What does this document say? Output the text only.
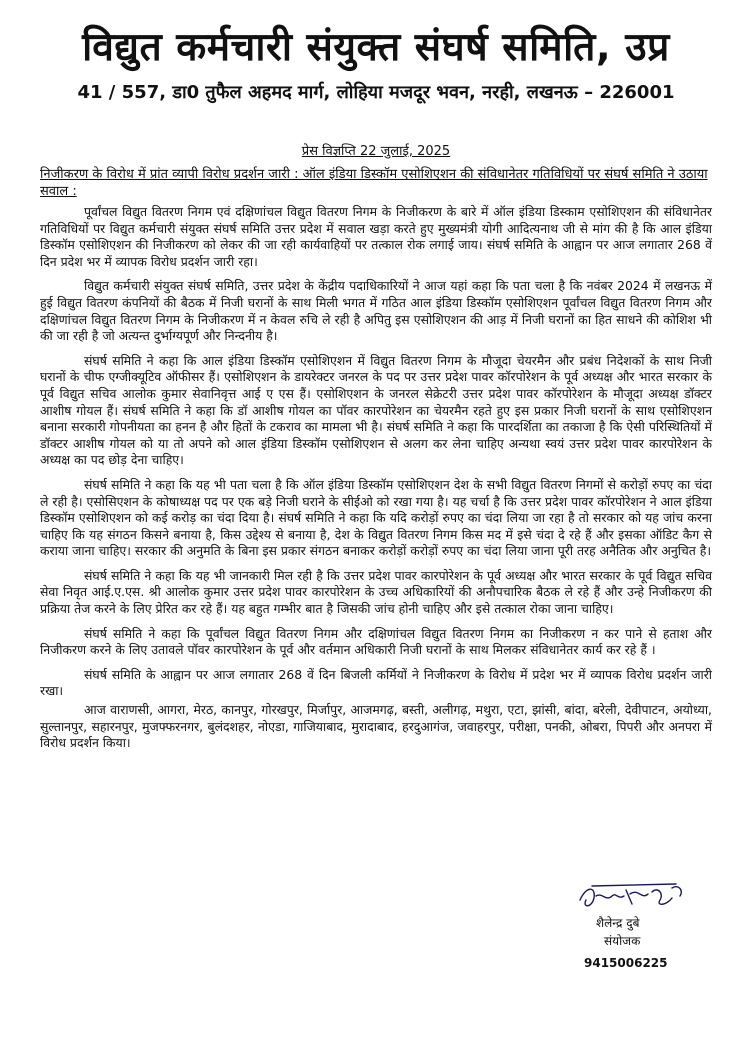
विद्युत कर्मचारी संयुक्त संघर्ष समिति, उप्र
41 / 557, डा0 तुफैल अहमद मार्ग, लोहिया मजदूर भवन, नरही, लखनऊ – 226001
प्रेस विज्ञप्ति 22 जुलाई, 2025
निजीकरण के विरोध में प्रांत व्यापी विरोध प्रदर्शन जारी : ऑल इंडिया डिस्कॉम एसोशिएशन की संविधानेतर गतिविधियों पर संघर्ष समिति ने उठाया सवाल :

पूर्वांचल विद्युत वितरण निगम एवं दक्षिणांचल विद्युत वितरण निगम के निजीकरण के बारे में ऑल इंडिया डिस्काम एसोशिएशन की संविधानेतर गतिविधियों पर विद्युत कर्मचारी संयुक्त संघर्ष समिति उत्तर प्रदेश में सवाल खड़ा करते हुए मुख्यमंत्री योगी आदित्यनाथ जी से मांग की है कि आल इंडिया डिस्कॉम एसोशिएशन की निजीकरण को लेकर की जा रही कार्यवाहियों पर तत्काल रोक लगाई जाय। संघर्ष समिति के आह्वान पर आज लगातार 268 वें दिन प्रदेश भर में व्यापक विरोध प्रदर्शन जारी रहा।

विद्युत कर्मचारी संयुक्त संघर्ष समिति, उत्तर प्रदेश के केंद्रीय पदाधिकारियों ने आज यहां कहा कि पता चला है कि नवंबर 2024 में लखनऊ में हुई विद्युत वितरण कंपनियों की बैठक में निजी घरानों के साथ मिली भगत में गठित आल इंडिया डिस्कॉम एसोशिएशन पूर्वांचल विद्युत वितरण निगम और दक्षिणांचल विद्युत वितरण निगम के निजीकरण में न केवल रुचि ले रही है अपितु इस एसोशिएशन की आड़ में निजी घरानों का हित साधने की कोशिश भी की जा रही है जो अत्यन्त दुर्भाग्यपूर्ण और निन्दनीय है।

संघर्ष समिति ने कहा कि आल इंडिया डिस्कॉम एसोशिएशन में विद्युत वितरण निगम के मौजूदा चेयरमैन और प्रबंध निदेशकों के साथ निजी घरानों के चीफ एग्जीक्यूटिव ऑफीसर हैं। एसोशिएशन के डायरेक्टर जनरल के पद पर उत्तर प्रदेश पावर कॉरपोरेशन के पूर्व अध्यक्ष और भारत सरकार के पूर्व विद्युत सचिव आलोक कुमार सेवानिवृत्त आई ए एस हैं। एसोशिएशन के जनरल सेक्रेटरी उत्तर प्रदेश पावर कॉरपोरेशन के मौजूदा अध्यक्ष डॉक्टर आशीष गोयल हैं। संघर्ष समिति ने कहा कि डॉ आशीष गोयल का पॉवर कारपोरेशन का चेयरमैन रहते हुए इस प्रकार निजी घरानों के साथ एसोशिएशन बनाना सरकारी गोपनीयता का हनन है और हितों के टकराव का मामला भी है। संघर्ष समिति ने कहा कि पारदर्शिता का तकाजा है कि ऐसी परिस्थितियों में डॉक्टर आशीष गोयल को या तो अपने को आल इंडिया डिस्कॉम एसोशिएशन से अलग कर लेना चाहिए अन्यथा स्वयं उत्तर प्रदेश पावर कारपोरेशन के अध्यक्ष का पद छोड़ देना चाहिए।

संघर्ष समिति ने कहा कि यह भी पता चला है कि ऑल इंडिया डिस्कॉम एसोशिएशन देश के सभी विद्युत वितरण निगमों से करोड़ों रुपए का चंदा ले रही है। एसोसिएशन के कोषाध्यक्ष पद पर एक बड़े निजी घराने के सीईओ को रखा गया है। यह चर्चा है कि उत्तर प्रदेश पावर कॉरपोरेशन ने आल इंडिया डिस्कॉम एसोशिएशन को कई करोड़ का चंदा दिया है। संघर्ष समिति ने कहा कि यदि करोड़ों रुपए का चंदा लिया जा रहा है तो सरकार को यह जांच करना चाहिए कि यह संगठन किसने बनाया है, किस उद्देश्य से बनाया है, देश के विद्युत वितरण निगम किस मद में इसे चंदा दे रहे हैं और इसका ऑडिट कैग से कराया जाना चाहिए। सरकार की अनुमति के बिना इस प्रकार संगठन बनाकर करोड़ों करोड़ों रुपए का चंदा लिया जाना पूरी तरह अनैतिक और अनुचित है।

संघर्ष समिति ने कहा कि यह भी जानकारी मिल रही है कि उत्तर प्रदेश पावर कारपोरेशन के पूर्व अध्यक्ष और भारत सरकार के पूर्व विद्युत सचिव सेवा निवृत आई.ए.एस. श्री आलोक कुमार उत्तर प्रदेश पावर कारपोरेशन के उच्च अधिकारियों की अनौपचारिक बैठक ले रहे हैं और उन्हे निजीकरण की प्रक्रिया तेज करने के लिए प्रेरित कर रहे हैं। यह बहुत गम्भीर बात है जिसकी जांच होनी चाहिए और इसे तत्काल रोका जाना चाहिए।

संघर्ष समिति ने कहा कि पूर्वांचल विद्युत वितरण निगम और दक्षिणांचल विद्युत वितरण निगम का निजीकरण न कर पाने से हताश और निजीकरण करने के लिए उतावले पॉवर कारपोरेशन के पूर्व और वर्तमान अधिकारी निजी घरानों के साथ मिलकर संविधानेतर कार्य कर रहे हैं ।

संघर्ष समिति के आह्वान पर आज लगातार 268 वें दिन बिजली कर्मियों ने निजीकरण के विरोध में प्रदेश भर में व्यापक विरोध प्रदर्शन जारी रखा।

आज वाराणसी, आगरा, मेरठ, कानपुर, गोरखपुर, मिर्जापुर, आजमगढ़, बस्ती, अलीगढ़, मथुरा, एटा, झांसी, बांदा, बरेली, देवीपाटन, अयोध्या, सुल्तानपुर, सहारनपुर, मुजफ्फरनगर, बुलंदशहर, नोएडा, गाजियाबाद, मुरादाबाद, हरदुआगंज, जवाहरपुर, परीक्षा, पनकी, ओबरा, पिपरी और अनपरा में विरोध प्रदर्शन किया।

शैलेन्द्र दुबे
संयोजक
9415006225
